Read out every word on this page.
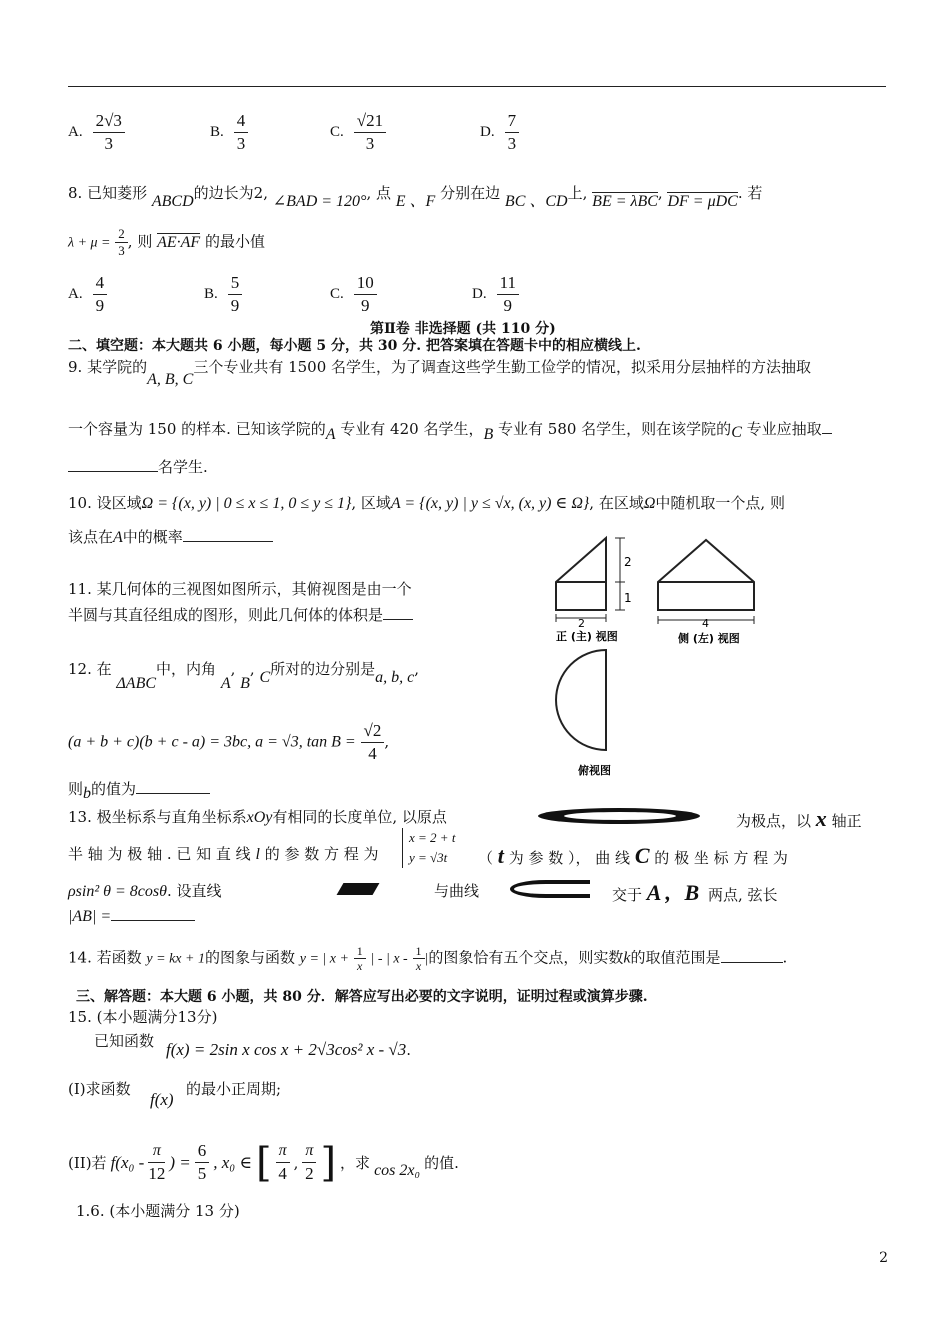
A. $\frac{2√3}{3}$	B. $\frac{4}{3}$	C. $\frac{√21}{3}$	D. $\frac{7}{3}$
8. 已知菱形 ABCD的边长为2, ∠BAD = 120°, 点 E 、F 分别在边 BC 、CD上, BE = λBC, DF = μDC. 若
$\lambda + \mu = \frac{2}{3}$ , 则 AE·AF 的最小值
A. $\frac{4}{9}$	B. $\frac{5}{9}$	C. $\frac{10}{9}$	D. $\frac{11}{9}$
第Ⅱ卷 非选择题 (共 110 分)
二、填空题：本大题共 6 小题，每小题 5 分，共 30 分. 把答案填在答题卡中的相应横线上.
9. 某学院的A, B, C三个专业共有 1500 名学生，为了调查这些学生勤工俭学的情况，拟采用分层抽样的方法抽取
一个容量为 150 的样本. 已知该学院的A 专业有 420 名学生，B 专业有 580 名学生，则在该学院的C 专业应抽取
名学生.
10. 设区域Ω = {(x, y) | 0 ≤ x ≤ 1, 0 ≤ y ≤ 1}, 区域A = {(x, y) | y ≤ √x, (x, y) ∈ Ω}, 在区域Ω中随机取一个点, 则
该点在A中的概率
11. 某几何体的三视图如图所示，其俯视图是由一个
半圆与其直径组成的图形，则此几何体的体积是
2
1
2
正 (主) 视图
4
侧 (左) 视图
俯视图
12. 在 ΔABC中，内角 A, B, C所对的边分别是a, b, c,
(a + b + c)(b + c - a) = 3bc, a = √3, $\tan B = \frac{√2}{4}$ ,
则b的值为
13. 极坐标系与直角坐标系xOy有相同的长度单位, 以原点	为极点，以 x 轴正
半 轴 为 极 轴 . 已 知 直 线 l 的 参 数 方 程 为
x = 2 + t
y = √3t	（ t 为 参 数 ）， 曲 线 C 的 极 坐 标 方 程 为
ρsin² θ = 8cosθ. 设直线	与曲线	交于 A, B 两点, 弦长
|AB| =
14. 若函数 y = kx + 1的图象与函数 y = | $x + \frac{1}{x}$ | - | x - $\frac{1}{x}$ |的图象恰有五个交点，则实数k的取值范围是	.
三、解答题：本大题 6 小题，共 80 分．解答应写出必要的文字说明，证明过程或演算步骤.
15. (本小题满分13分)
已知函数 f(x) = 2sin x cos x + 2√3cos² x - √3.
(I)求函数
f(x)
的最小正周期;
(II)若 $f(x_0 - \frac{\pi}{12}$ ) = $\frac{6}{5}$ , x₀ ∈ [ $\frac{\pi}{4}$ , $\frac{\pi}{2}$ ] ，求 cos 2x₀ 的值.
1.6. (本小题满分 13 分)
2
